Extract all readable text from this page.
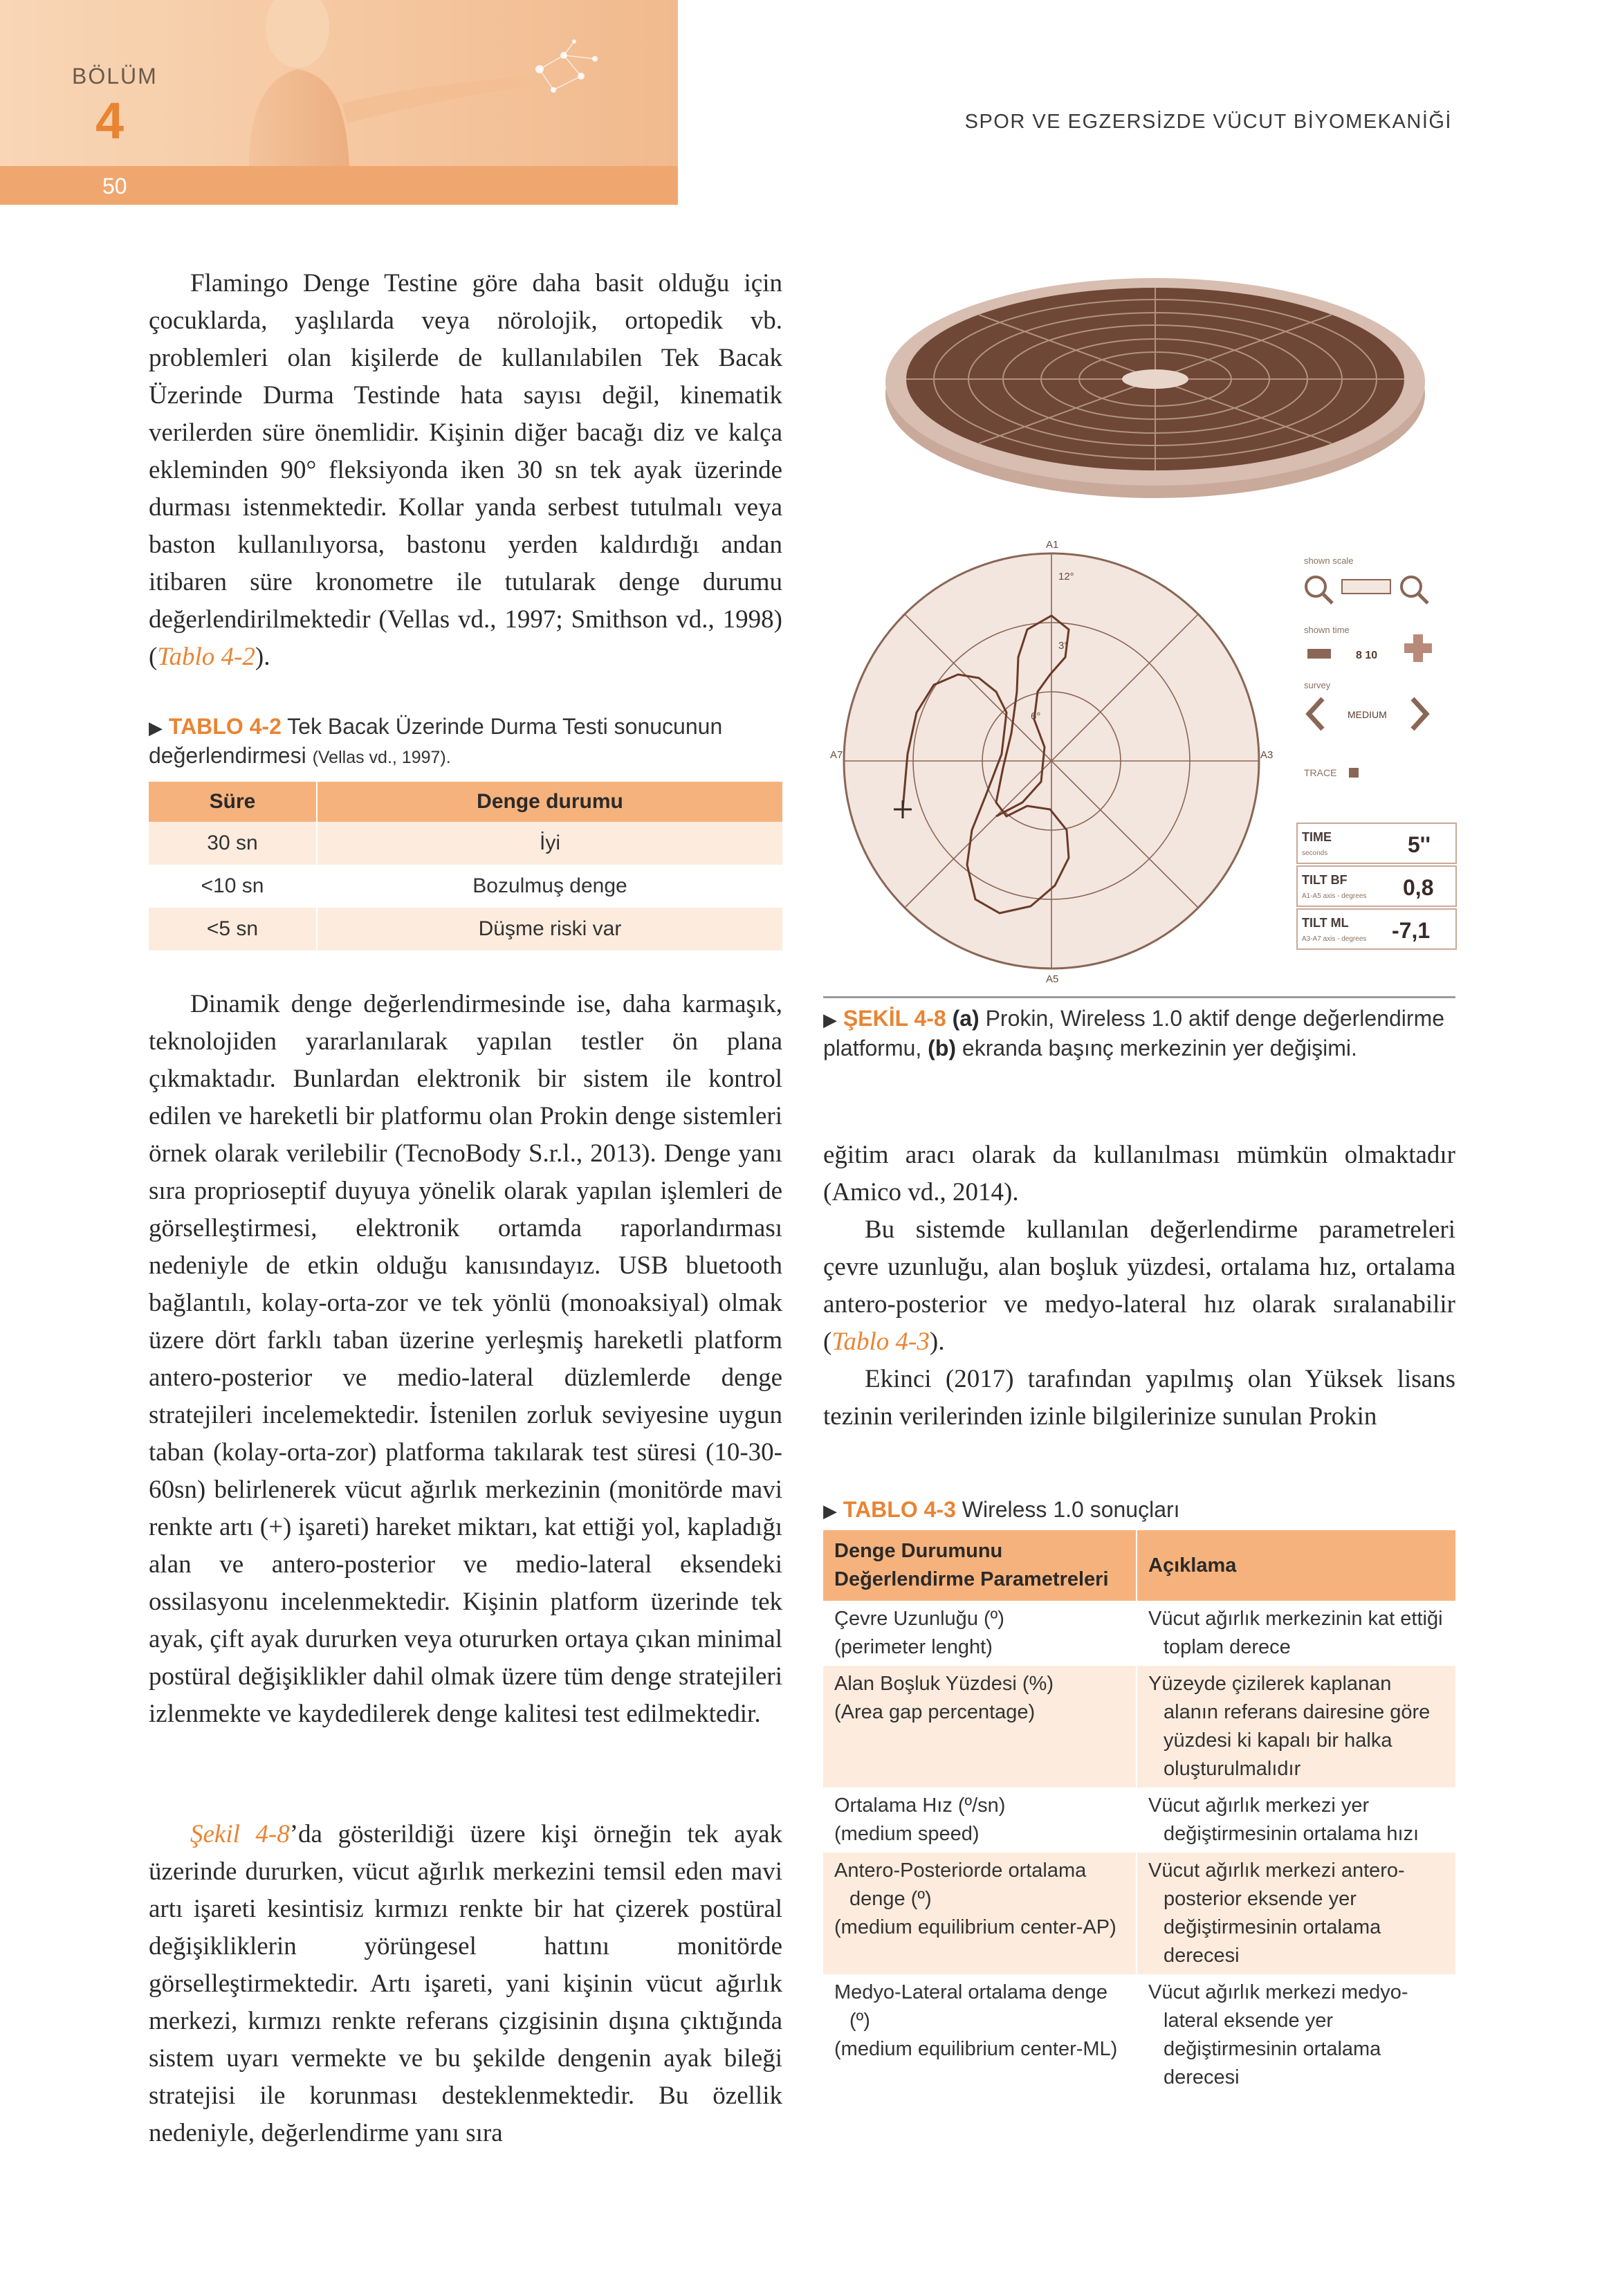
BÖLÜM
4
50
SPOR VE EGZERSİZDE VÜCUT BİYOMEKANİĞİ
Flamingo Denge Testine göre daha basit olduğu için çocuklarda, yaşlılarda veya nörolojik, ortopedik vb. problemleri olan kişilerde de kullanılabilen Tek Bacak Üzerinde Durma Testinde hata sayısı değil, kinematik verilerden süre önemlidir. Kişinin diğer bacağı diz ve kalça ekleminden 90° fleksiyonda iken 30 sn tek ayak üzerinde durması istenmektedir. Kollar yanda serbest tutulmalı veya baston kullanılıyorsa, bastonu yerden kaldırdığı andan itibaren süre kronometre ile tutularak denge durumu değerlendirilmektedir (Vellas vd., 1997; Smithson vd., 1998) (Tablo 4-2).
▶ TABLO 4-2 Tek Bacak Üzerinde Durma Testi sonucunun değerlendirmesi (Vellas vd., 1997).
Süre	Denge durumu
30 sn	İyi
<10 sn	Bozulmuş denge
<5 sn	Düşme riski var
Dinamik denge değerlendirmesinde ise, daha karmaşık, teknolojiden yararlanılarak yapılan testler ön plana çıkmaktadır. Bunlardan elektronik bir sistem ile kontrol edilen ve hareketli bir platformu olan Prokin denge sistemleri örnek olarak verilebilir (TecnoBody S.r.l., 2013). Denge yanı sıra proprioseptif duyuya yönelik olarak yapılan işlemleri de görselleştirmesi, elektronik ortamda raporlandırması nedeniyle de etkin olduğu kanısındayız. USB bluetooth bağlantılı, kolay-orta-zor ve tek yönlü (monoaksiyal) olmak üzere dört farklı taban üzerine yerleşmiş hareketli platform antero-posterior ve medio-lateral düzlemlerde denge stratejileri incelemektedir. İstenilen zorluk seviyesine uygun taban (kolay-orta-zor) platforma takılarak test süresi (10-30-60sn) belirlenerek vücut ağırlık merkezinin (monitörde mavi renkte artı (+) işareti) hareket miktarı, kat ettiği yol, kapladığı alan ve antero-posterior ve medio-lateral eksendeki ossilasyonu incelenmektedir. Kişinin platform üzerinde tek ayak, çift ayak dururken veya otururken ortaya çıkan minimal postüral değişiklikler dahil olmak üzere tüm denge stratejileri izlenmekte ve kaydedilerek denge kalitesi test edilmektedir.
Şekil 4-8’da gösterildiği üzere kişi örneğin tek ayak üzerinde dururken, vücut ağırlık merkezini temsil eden mavi artı işareti kesintisiz kırmızı renkte bir hat çizerek postüral değişikliklerin yörüngesel hattını monitörde görselleştirmektedir. Artı işareti, yani kişinin vücut ağırlık merkezi, kırmızı renkte referans çizgisinin dışına çıktığında sistem uyarı vermekte ve bu şekilde dengenin ayak bileği stratejisi ile korunması desteklenmektedir. Bu özellik nedeniyle, değerlendirme yanı sıra
A1
A3
A5
A7
12°
3°
6°
shown scale
shown time
8 10
survey
MEDIUM
TRACE
TIME
seconds	5''
TILT BF
A1-A5 axis - degrees 0,8
TILT ML
A3-A7 axis - degrees -7,1
▶ ŞEKİL 4-8 (a) Prokin, Wireless 1.0 aktif denge değerlendirme platformu, (b) ekranda başınç merkezinin yer değişimi.
eğitim aracı olarak da kullanılması mümkün olmaktadır (Amico vd., 2014).
Bu sistemde kullanılan değerlendirme parametreleri çevre uzunluğu, alan boşluk yüzdesi, ortalama hız, ortalama antero-posterior ve medyo-lateral hız olarak sıralanabilir (Tablo 4-3).
Ekinci (2017) tarafından yapılmış olan Yüksek lisans tezinin verilerinden izinle bilgilerinize sunulan Prokin
▶ TABLO 4-3 Wireless 1.0 sonuçları
Denge Durumunu Değerlendirme Parametreleri	Açıklama

Çevre Uzunluğu (º)
(perimeter lenght)	Vücut ağırlık merkezinin kat ettiği toplam derece

Alan Boşluk Yüzdesi (%)
(Area gap percentage)	Yüzeyde çizilerek kaplanan alanın referans dairesine göre yüzdesi ki kapalı bir halka oluşturulmalıdır

Ortalama Hız (º/sn)
(medium speed)	Vücut ağırlık merkezi yer değiştirmesinin ortalama hızı

Antero-Posteriorde ortalama denge (º)
(medium equilibrium center-AP)	Vücut ağırlık merkezi antero-posterior eksende yer değiştirmesinin ortalama derecesi

Medyo-Lateral ortalama denge (º)
(medium equilibrium center-ML)	Vücut ağırlık merkezi medyo-lateral eksende yer değiştirmesinin ortalama derecesi
